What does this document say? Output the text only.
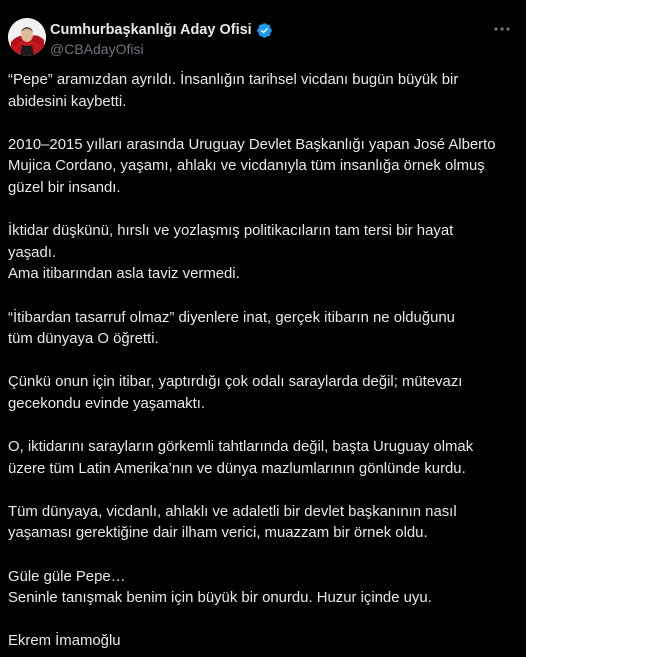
Cumhurbaşkanlığı Aday Ofisi
@CBAdayOfisi
“Pepe” aramızdan ayrıldı. İnsanlığın tarihsel vicdanı bugün büyük bir
abidesini kaybetti.
2010–2015 yılları arasında Uruguay Devlet Başkanlığı yapan José Alberto
Mujica Cordano, yaşamı, ahlakı ve vicdanıyla tüm insanlığa örnek olmuş
güzel bir insandı.
İktidar düşkünü, hırslı ve yozlaşmış politikacıların tam tersi bir hayat
yaşadı.
Ama itibarından asla taviz vermedi.
“İtibardan tasarruf olmaz” diyenlere inat, gerçek itibarın ne olduğunu
tüm dünyaya O öğretti.
Çünkü onun için itibar, yaptırdığı çok odalı saraylarda değil; mütevazı
gecekondu evinde yaşamaktı.
O, iktidarını sarayların görkemli tahtlarında değil, başta Uruguay olmak
üzere tüm Latin Amerika’nın ve dünya mazlumlarının gönlünde kurdu.
Tüm dünyaya, vicdanlı, ahlaklı ve adaletli bir devlet başkanının nasıl
yaşaması gerektiğine dair ilham verici, muazzam bir örnek oldu.
Güle güle Pepe…
Seninle tanışmak benim için büyük bir onurdu. Huzur içinde uyu.
Ekrem İmamoğlu
